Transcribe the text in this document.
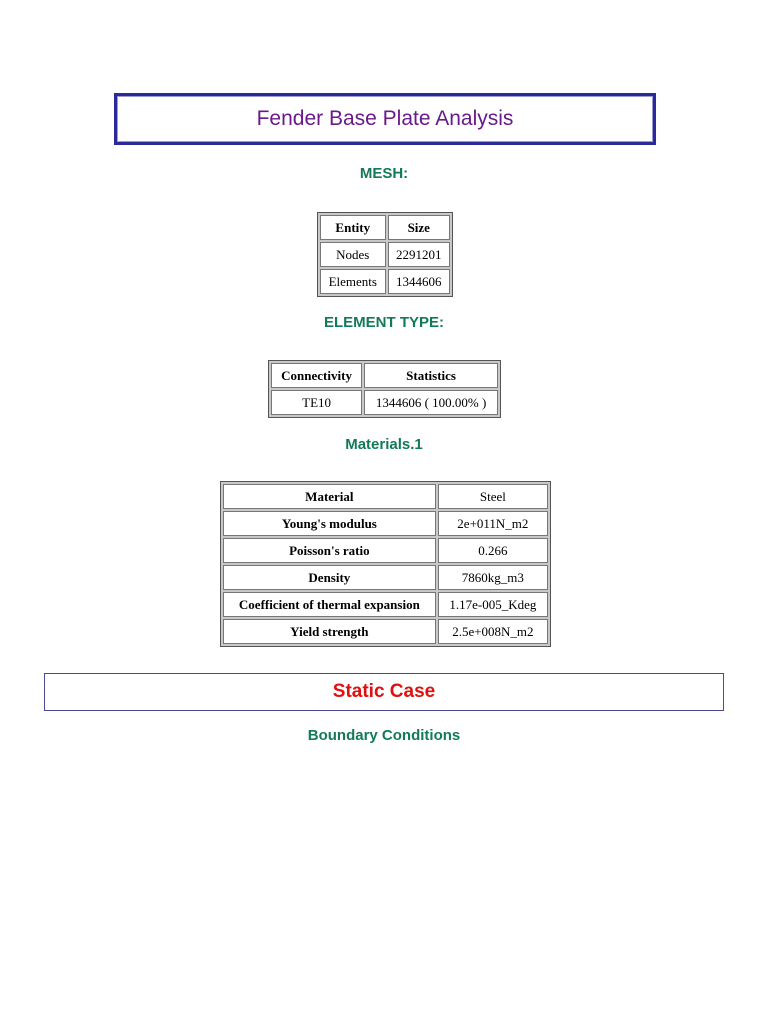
Fender Base Plate Analysis
MESH:
Entity	Size
Nodes	2291201
Elements	1344606
ELEMENT TYPE:
Connectivity	Statistics
TE10	1344606 ( 100.00% )
Materials.1
Material	Steel
Young's modulus	2e+011N_m2
Poisson's ratio	0.266
Density	7860kg_m3
Coefficient of thermal expansion	1.17e-005_Kdeg
Yield strength	2.5e+008N_m2
Static Case
Boundary Conditions
